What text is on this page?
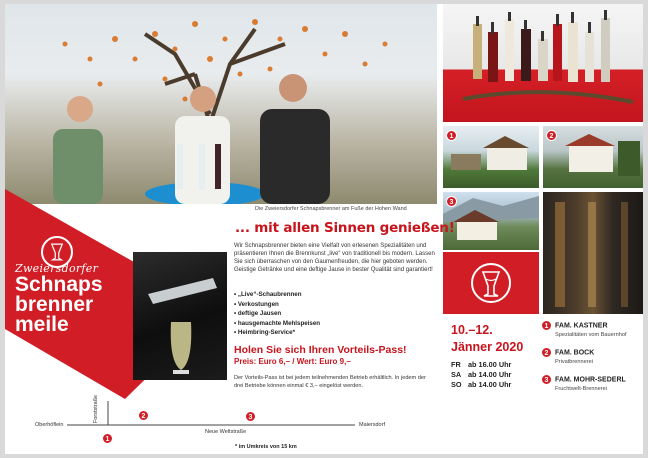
Die Zweiersdorfer Schnapsbrenner am Fuße der Hohen Wand
1	2
3
Zweiersdorfer
Schnaps
brenner
meile
... mit allen Sinnen genießen!
Wir Schnapsbrenner bieten eine Vielfalt von erlesenen Spezialitäten und präsentieren Ihnen die Brennkunst „live“ von traditionell bis modern. Lassen Sie sich überraschen von den Gaumenfreuden, die hier geboten werden. Geistige Getränke und eine deftige Jause in bester Qualität sind garantiert!
• „Live“-Schaubrennen
• Verkostungen
• deftige Jausen
• hausgemachte Mehlspeisen
• Heimbring-Service*
Holen Sie sich Ihren Vorteils-Pass!
Preis: Euro 6,– / Wert: Euro 9,–
Der Vorteils-Pass ist bei jedem teilnehmenden Betrieb erhältlich. In jedem der drei Betriebe können einmal € 3,– eingelöst werden.
10.–12.
Jänner 2020
FR ab 16.00 Uhr
SA ab 14.00 Uhr
SO ab 14.00 Uhr
1 FAM. KASTNER
Spezialitäten vom Bauernhof
2 FAM. BOCK
Privatbrennerei
3 FAM. MOHR-SEDERL
Fruchtwelt-Brennerei
Oberhöflein	Maiersdorf
Neue Weltstraße
Forststraße
1
2	3
* im Umkreis von 15 km
